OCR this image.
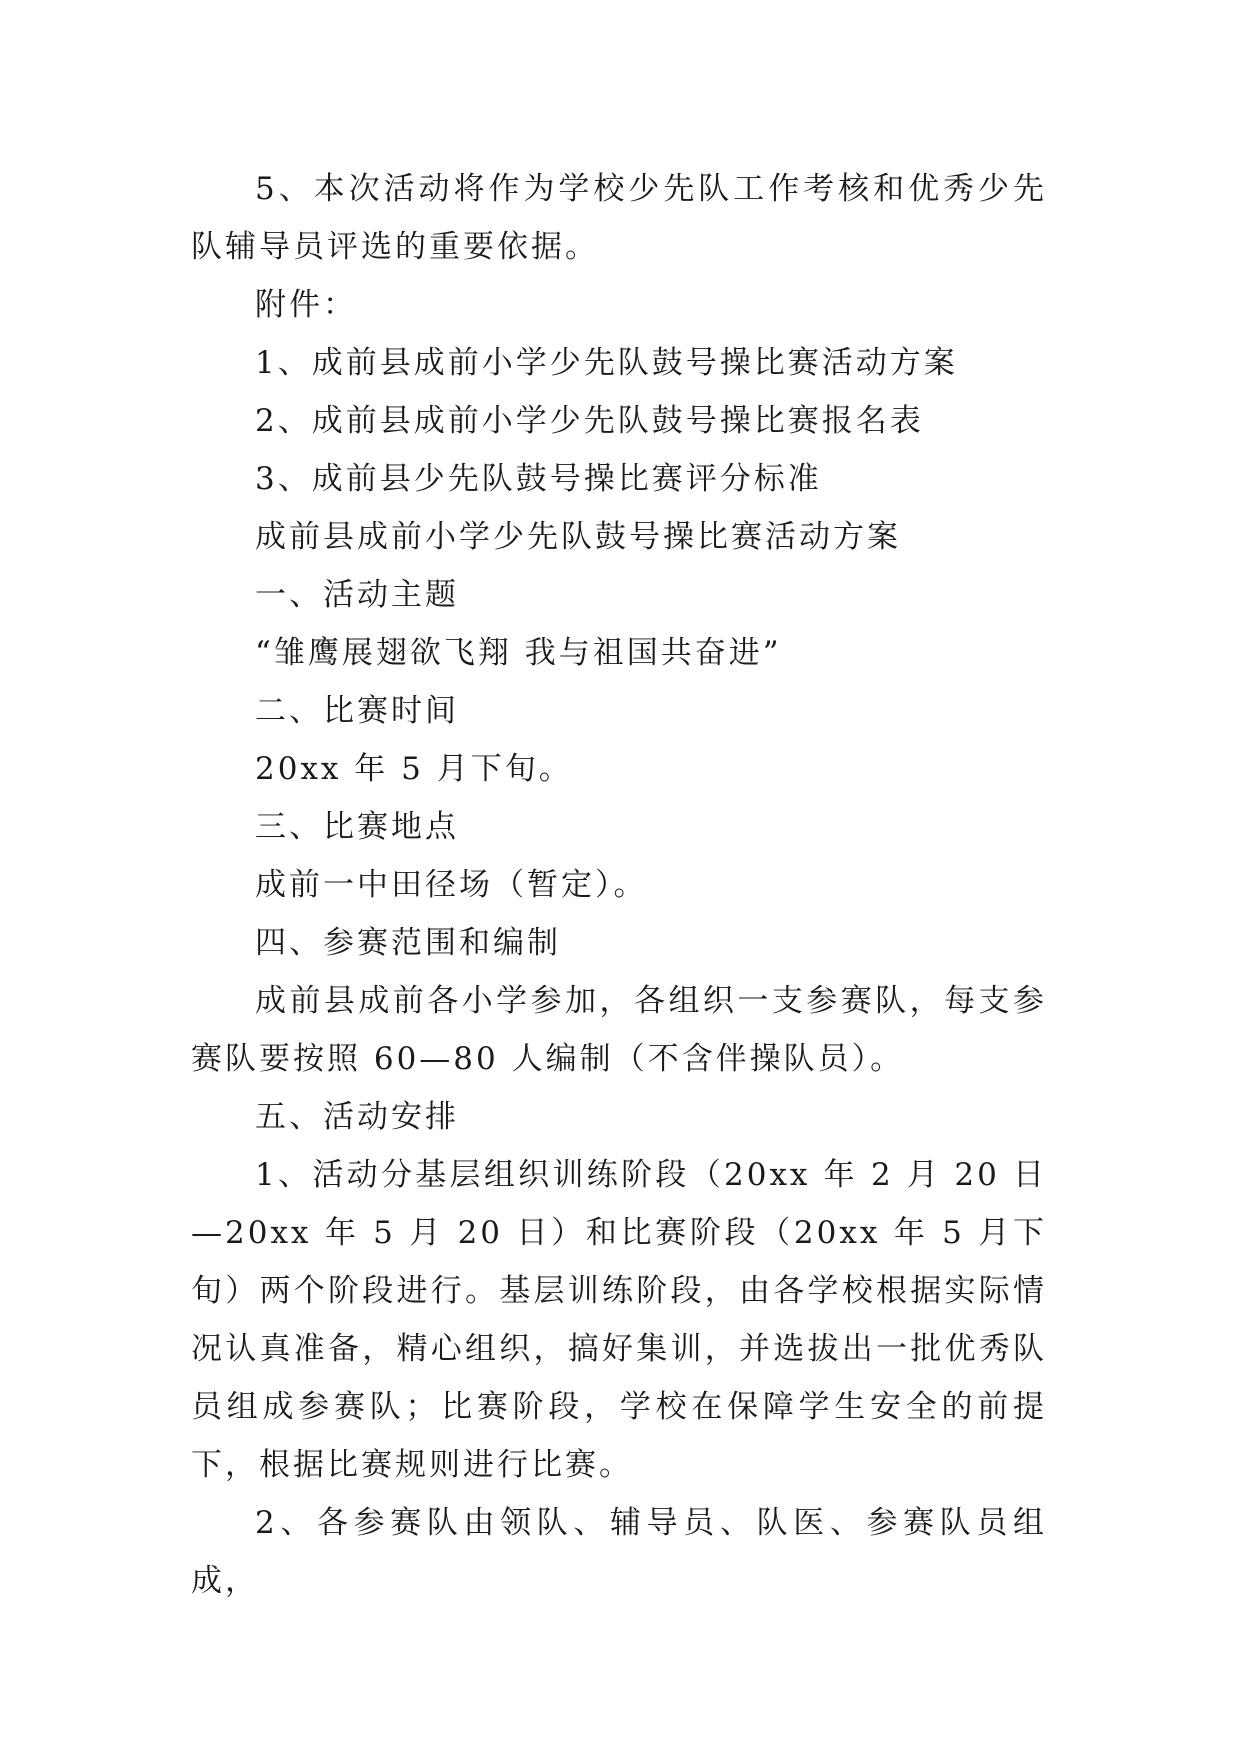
5、本次活动将作为学校少先队工作考核和优秀少先队辅导员评选的重要依据。

附件：

1、成前县成前小学少先队鼓号操比赛活动方案

2、成前县成前小学少先队鼓号操比赛报名表

3、成前县少先队鼓号操比赛评分标准

成前县成前小学少先队鼓号操比赛活动方案

一、活动主题

“雏鹰展翅欲飞翔 我与祖国共奋进”

二、比赛时间

20xx 年 5 月下旬。

三、比赛地点

成前一中田径场（暂定）。

四、参赛范围和编制

成前县成前各小学参加，各组织一支参赛队，每支参赛队要按照 60—80 人编制（不含伴操队员）。

五、活动安排

1、活动分基层组织训练阶段（20xx 年 2 月 20 日—20xx 年 5 月 20 日）和比赛阶段（20xx 年 5 月下旬）两个阶段进行。基层训练阶段，由各学校根据实际情况认真准备，精心组织，搞好集训，并选拔出一批优秀队员组成参赛队；比赛阶段，学校在保障学生安全的前提下，根据比赛规则进行比赛。

2、各参赛队由领队、辅导员、队医、参赛队员组成，
